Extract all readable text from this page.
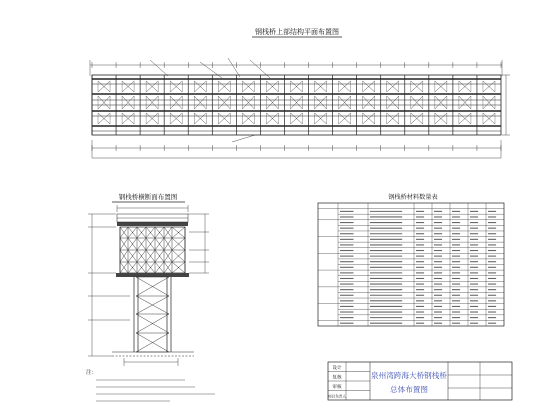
钢栈桥上部结构平面布置图
钢栈桥横断面布置图
注：
钢栈桥材料数量表
设计
复核
审核
项目负责人
泉州湾跨海大桥钢栈桥
总体布置图
